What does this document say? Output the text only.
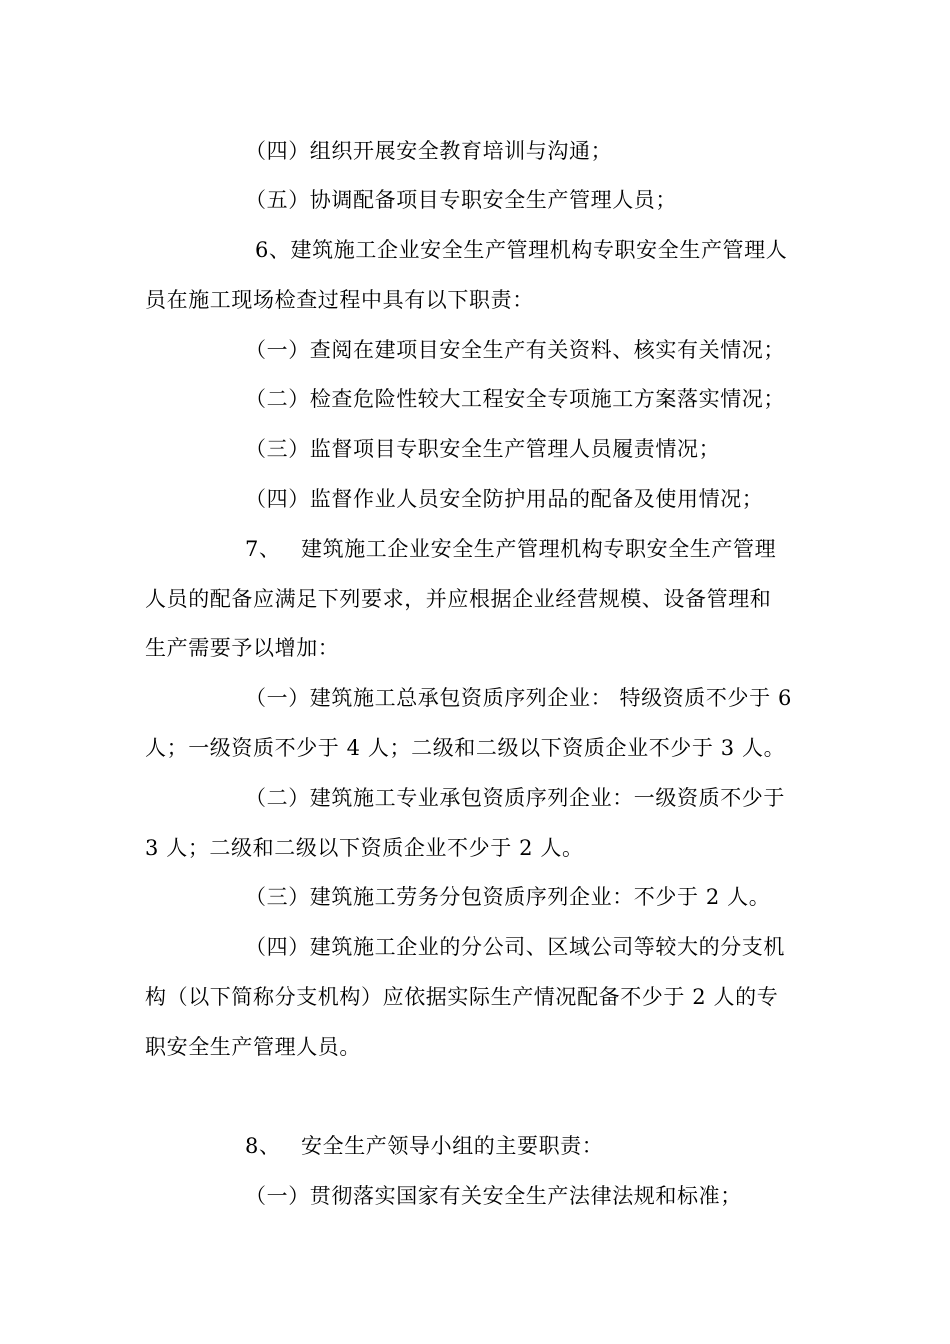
（四）组织开展安全教育培训与沟通；
（五）协调配备项目专职安全生产管理人员；
6、建筑施工企业安全生产管理机构专职安全生产管理人
员在施工现场检查过程中具有以下职责：
（一）查阅在建项目安全生产有关资料、核实有关情况；
（二）检查危险性较大工程安全专项施工方案落实情况；
（三）监督项目专职安全生产管理人员履责情况；
（四）监督作业人员安全防护用品的配备及使用情况；
7、 建筑施工企业安全生产管理机构专职安全生产管理
人员的配备应满足下列要求，并应根据企业经营规模、设备管理和
生产需要予以增加：
（一）建筑施工总承包资质序列企业： 特级资质不少于 6
人；一级资质不少于 4 人；二级和二级以下资质企业不少于 3 人。
（二）建筑施工专业承包资质序列企业：一级资质不少于
3 人；二级和二级以下资质企业不少于 2 人。
（三）建筑施工劳务分包资质序列企业：不少于 2 人。
（四）建筑施工企业的分公司、区域公司等较大的分支机
构（以下简称分支机构）应依据实际生产情况配备不少于 2 人的专
职安全生产管理人员。
8、 安全生产领导小组的主要职责：
（一）贯彻落实国家有关安全生产法律法规和标准；
